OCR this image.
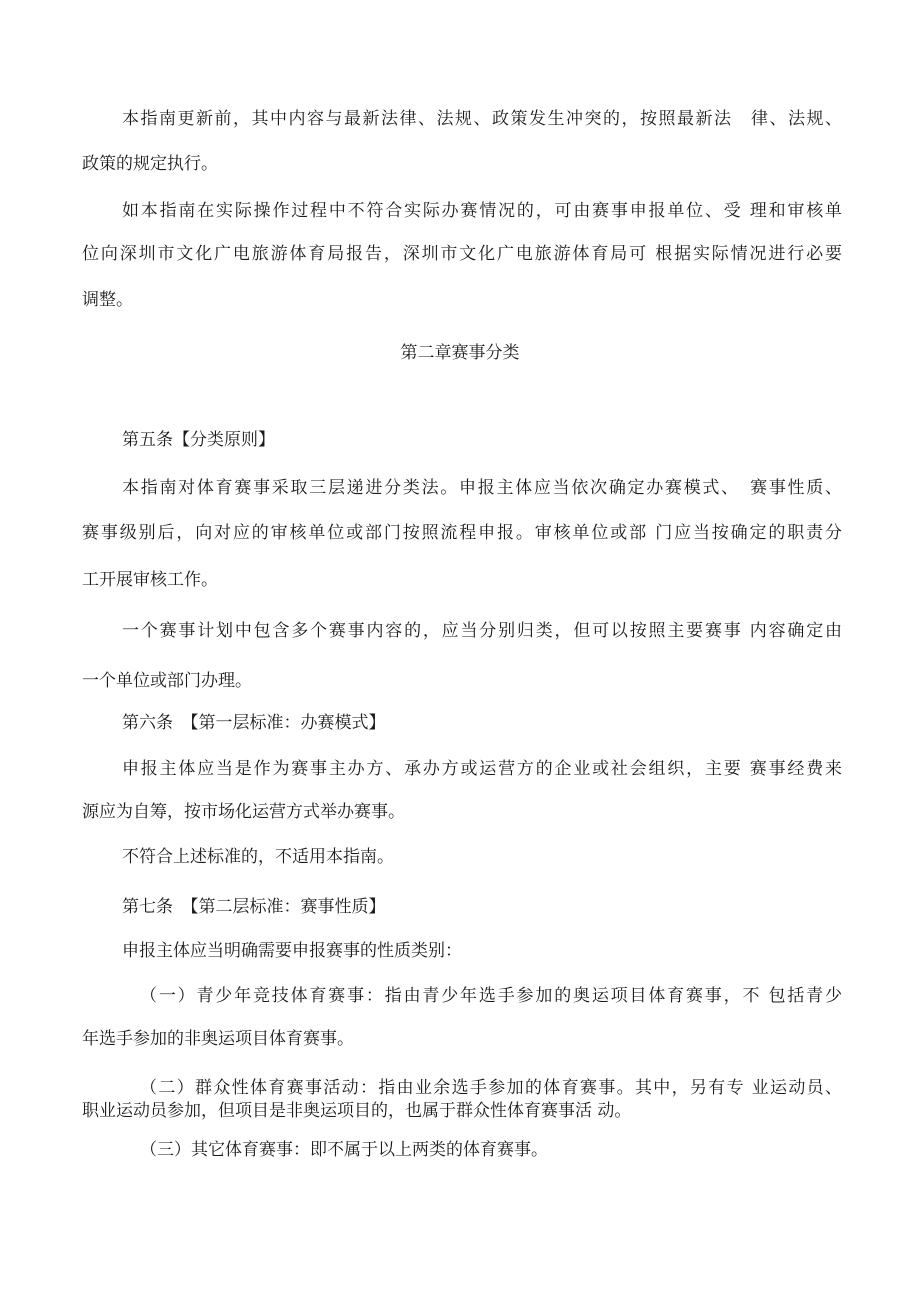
本指南更新前，其中内容与最新法律、法规、政策发生冲突的，按照最新法　律、法规、
政策的规定执行。
如本指南在实际操作过程中不符合实际办赛情况的，可由赛事申报单位、受 理和审核单
位向深圳市文化广电旅游体育局报告，深圳市文化广电旅游体育局可 根据实际情况进行必要
调整。
第二章赛事分类
第五条【分类原则】
本指南对体育赛事采取三层递进分类法。申报主体应当依次确定办赛模式、　赛事性质、
赛事级别后，向对应的审核单位或部门按照流程申报。审核单位或部 门应当按确定的职责分
工开展审核工作。
一个赛事计划中包含多个赛事内容的，应当分别归类，但可以按照主要赛事 内容确定由
一个单位或部门办理。
第六条　【第一层标准：办赛模式】
申报主体应当是作为赛事主办方、承办方或运营方的企业或社会组织，主要 赛事经费来
源应为自筹，按市场化运营方式举办赛事。
不符合上述标准的，不适用本指南。
第七条　【第二层标准：赛事性质】
申报主体应当明确需要申报赛事的性质类别：
（一）青少年竞技体育赛事：指由青少年选手参加的奥运项目体育赛事，不 包括青少
年选手参加的非奥运项目体育赛事。
（二）群众性体育赛事活动：指由业余选手参加的体育赛事。其中，另有专 业运动员、
职业运动员参加，但项目是非奥运项目的，也属于群众性体育赛事活 动。
（三）其它体育赛事：即不属于以上两类的体育赛事。
